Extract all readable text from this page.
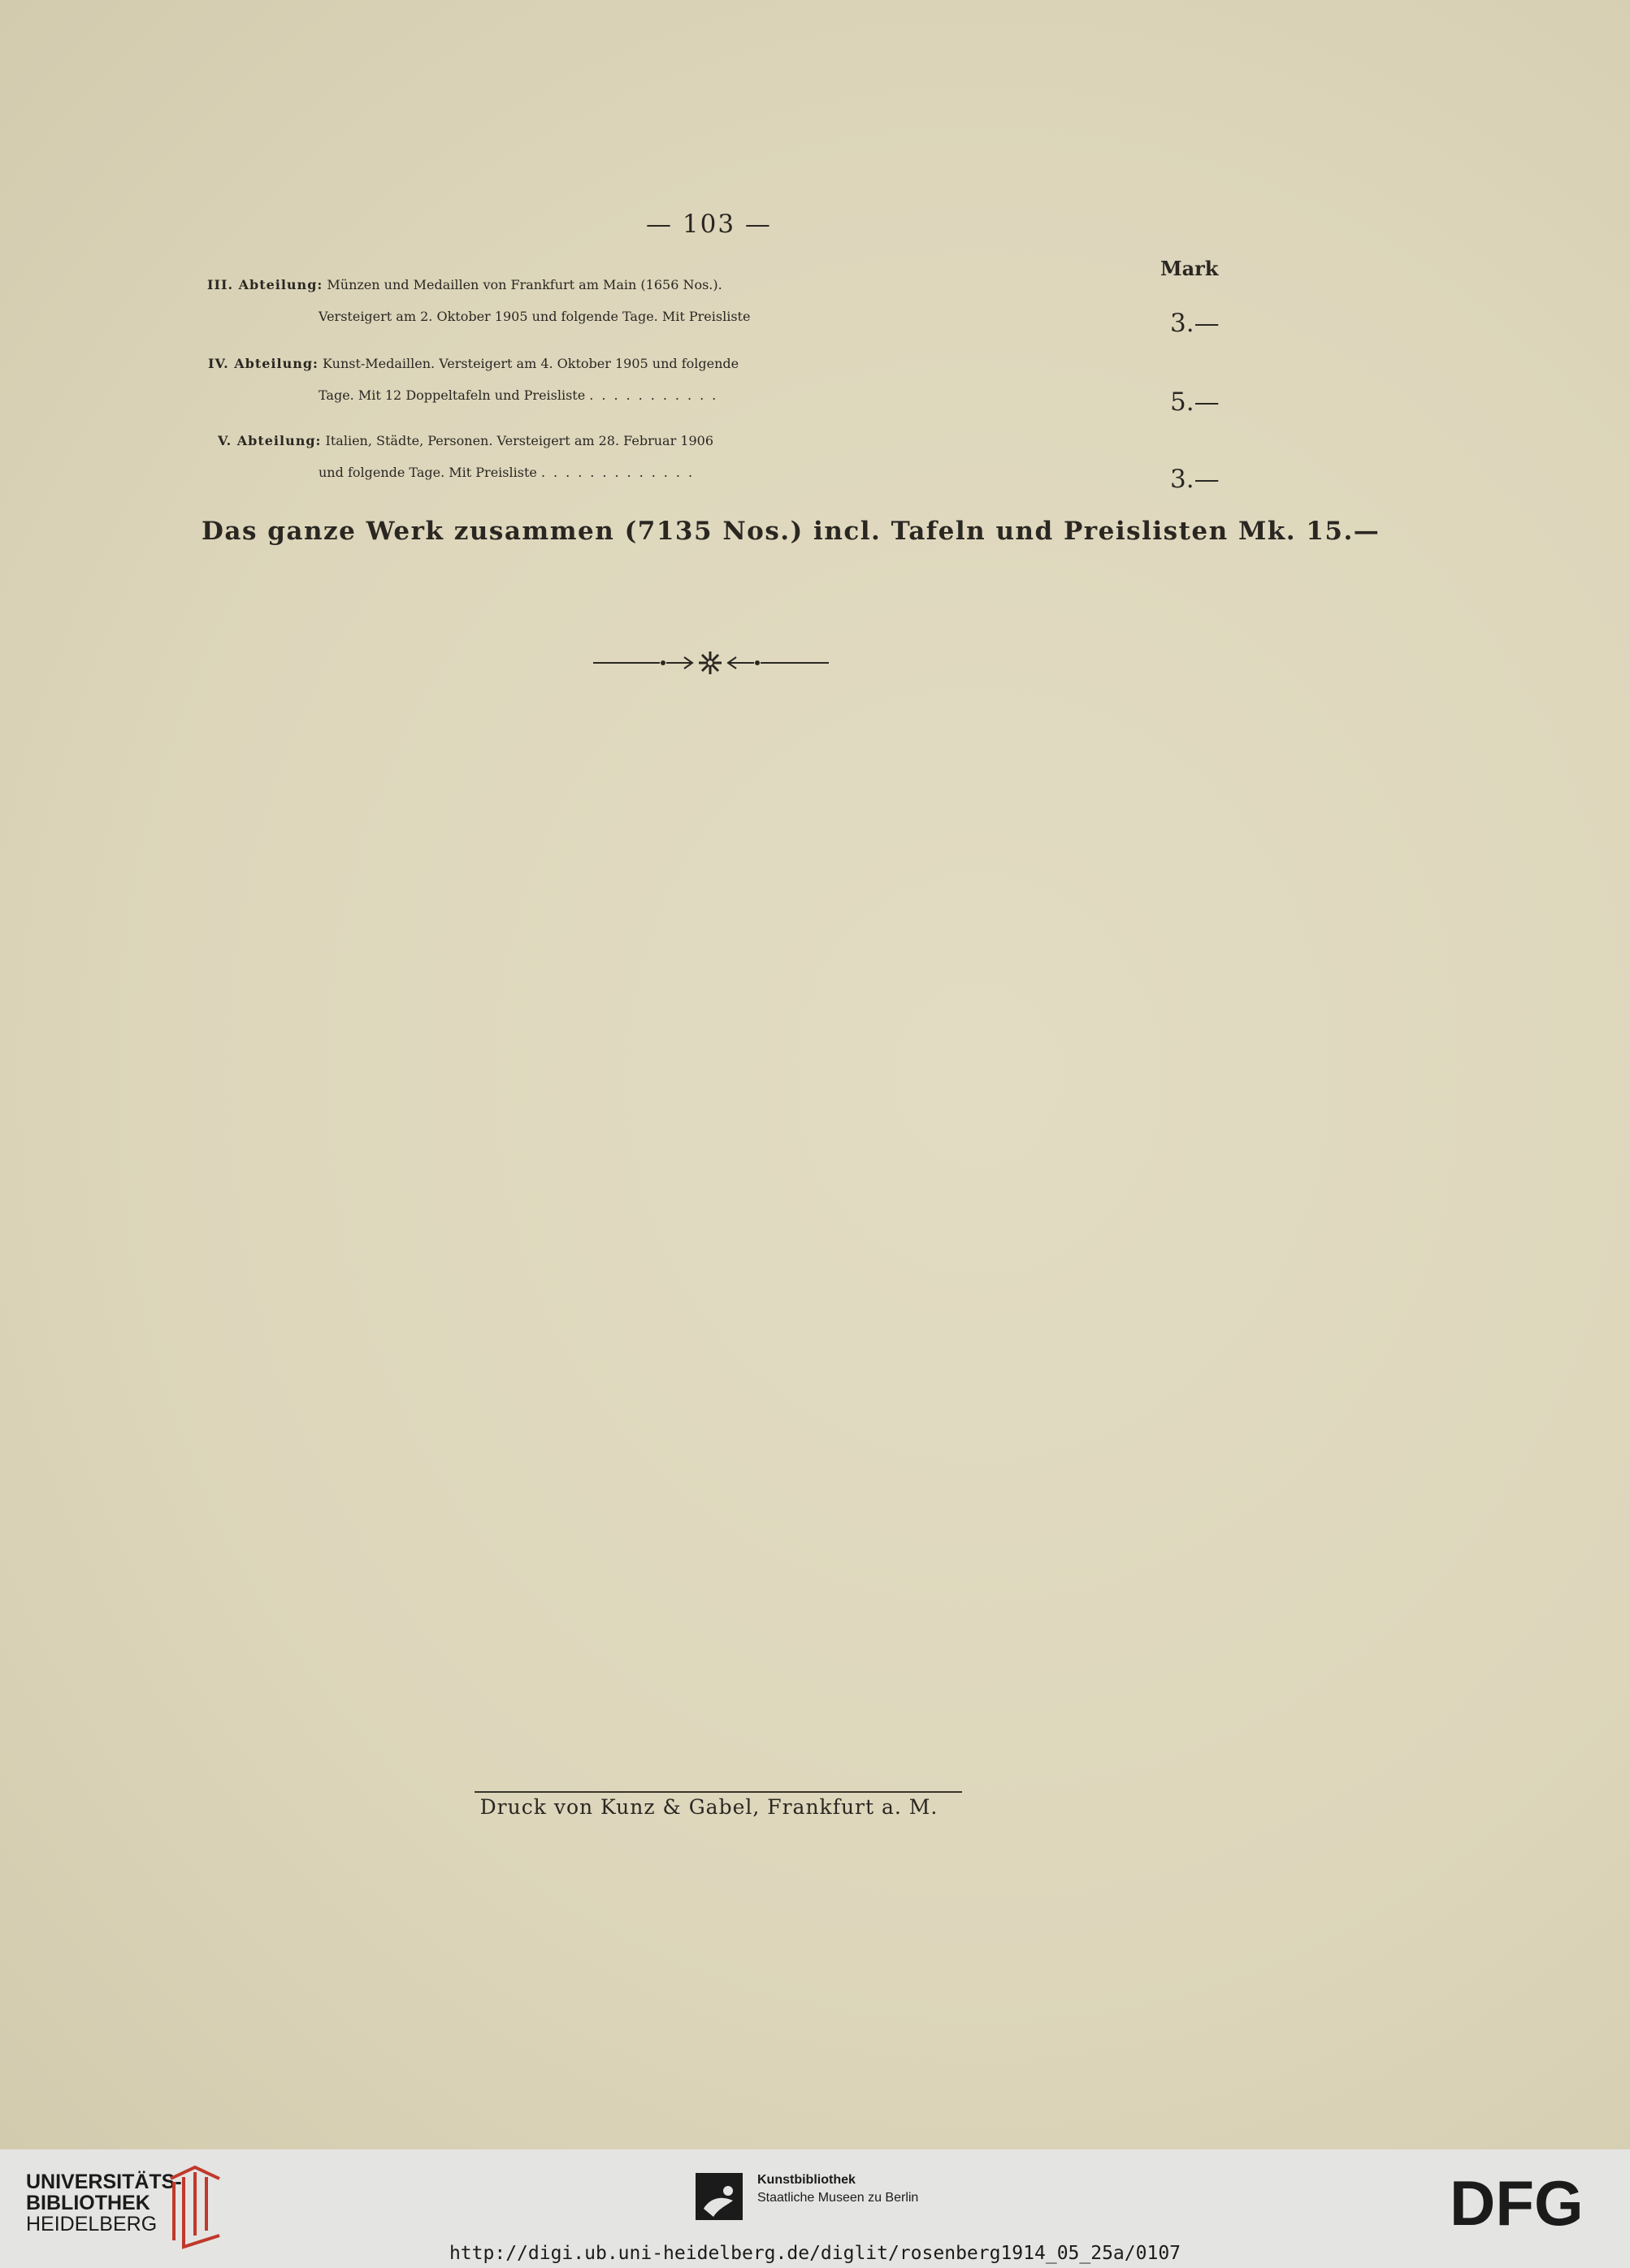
— 103 —
Mark
III. Abteilung: Münzen und Medaillen von Frankfurt am Main (1656 Nos.).
Versteigert am 2. Oktober 1905 und folgende Tage. Mit Preisliste	3.—
IV. Abteilung: Kunst-Medaillen. Versteigert am 4. Oktober 1905 und folgende
Tage. Mit 12 Doppeltafeln und Preisliste ...........	5.—
V. Abteilung: Italien, Städte, Personen. Versteigert am 28. Februar 1906
und folgende Tage. Mit Preisliste .............	3.—
Das ganze Werk zusammen (7135 Nos.) incl. Tafeln und Preislisten Mk. 15.—
Druck von Kunz & Gabel, Frankfurt a. M.
UNIVERSITÄTS-
BIBLIOTHEK
HEIDELBERG
Kunstbibliothek
Staatliche Museen zu Berlin	DFG
http://digi.ub.uni-heidelberg.de/diglit/rosenberg1914_05_25a/0107
